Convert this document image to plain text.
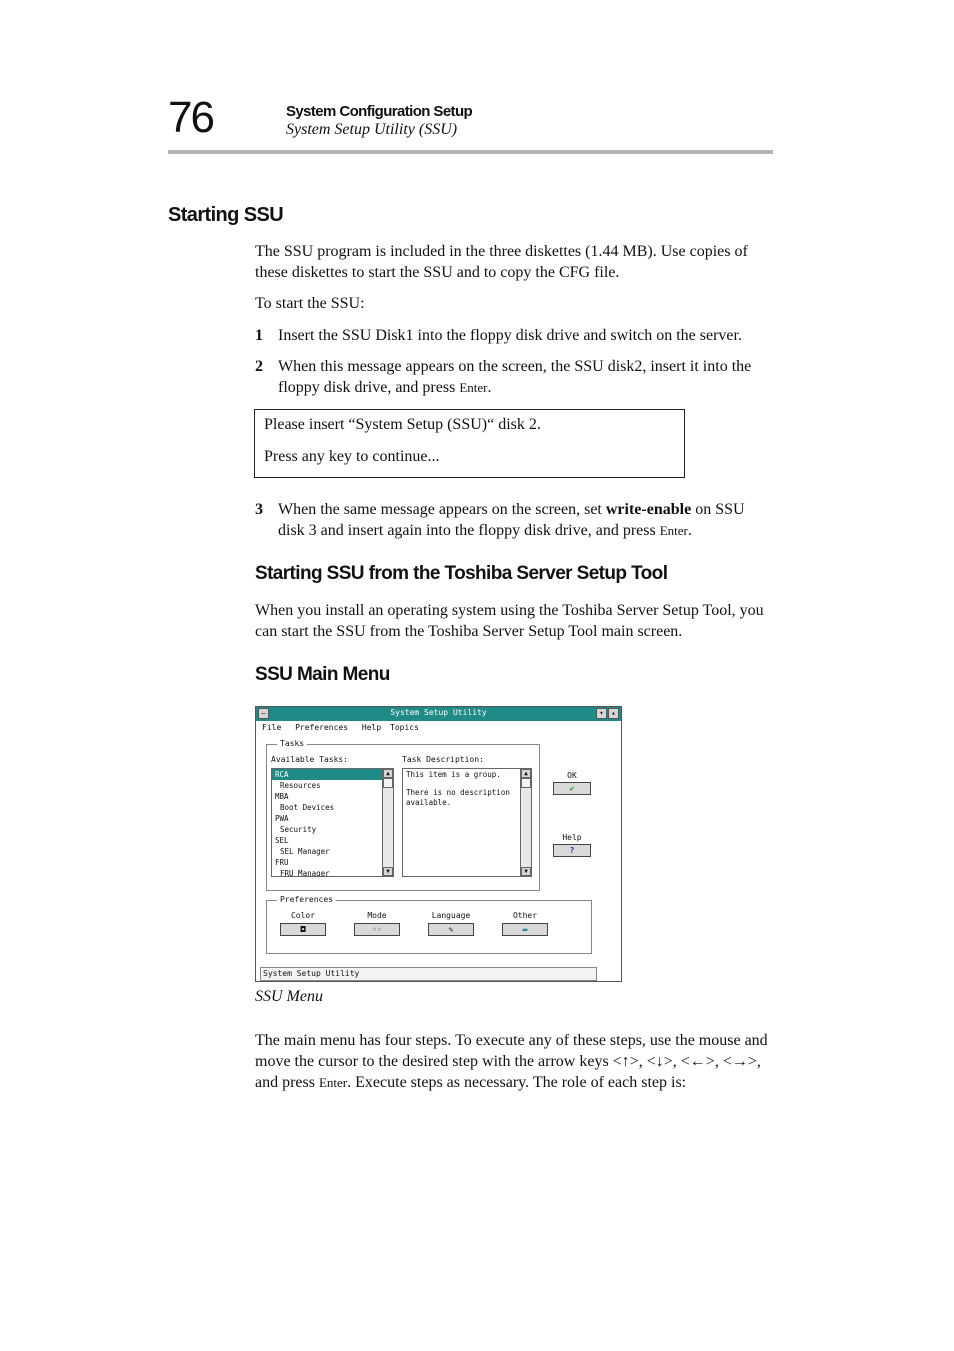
76	System Configuration Setup
System Setup Utility (SSU)
Starting SSU

The SSU program is included in the three diskettes (1.44 MB). Use copies of
these diskettes to start the SSU and to copy the CFG file.

To start the SSU:

1 Insert the SSU Disk1 into the floppy disk drive and switch on the server.
2 When this message appears on the screen, the SSU disk2, insert it into the
floppy disk drive, and press Enter.
Please insert “System Setup (SSU)“ disk 2.
Press any key to continue...
3 When the same message appears on the screen, set write-enable on SSU
disk 3 and insert again into the floppy disk drive, and press Enter.
Starting SSU from the Toshiba Server Setup Tool

When you install an operating system using the Toshiba Server Setup Tool, you
can start the SSU from the Toshiba Server Setup Tool main screen.

SSU Main Menu
–	System Setup Utility	▾	▴
File Preferences Help Topics
Tasks
Available Tasks:	Task Description:
RCA
Resources
MBA
Boot Devices
PWA
Security
SEL
SEL Manager
FRU
FRU Manager
▲
▼
This item is a group.
There is no description
available.
▲
▼
OK
✔
Help
?
Preferences
Color
◘
Mode
◦◦
Language
✎
Other
▬
System Setup Utility
SSU Menu

The main menu has four steps. To execute any of these steps, use the mouse and
move the cursor to the desired step with the arrow keys <↑>, <↓>, <←>, <→>,
and press Enter. Execute steps as necessary. The role of each step is:
